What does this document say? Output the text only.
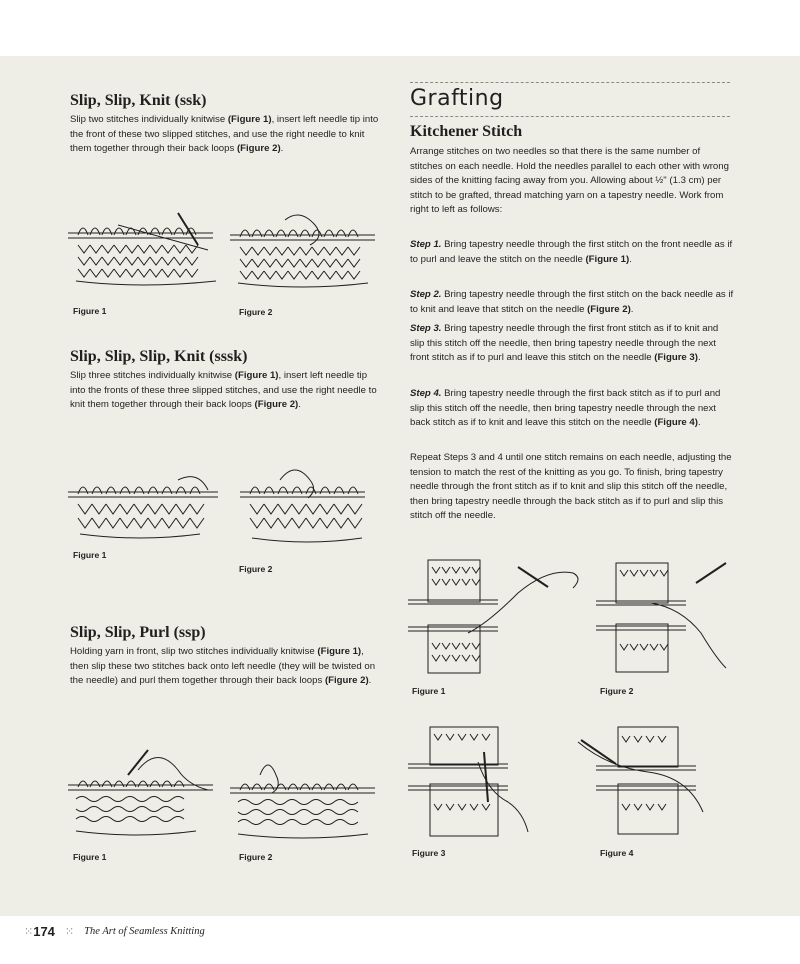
Slip, Slip, Knit (ssk)

Slip two stitches individually knitwise (Figure 1), insert left needle tip into the front of these two slipped stitches, and use the right needle to knit them together through their back loops (Figure 2).

Figure 1	Figure 2
Slip, Slip, Slip, Knit (sssk)

Slip three stitches individually knitwise (Figure 1), insert left needle tip into the fronts of these three slipped stitches, and use the right needle to knit them together through their back loops (Figure 2).

Figure 1
Figure 2
Slip, Slip, Purl (ssp)

Holding yarn in front, slip two stitches individually knitwise (Figure 1), then slip these two stitches back onto left needle (they will be twisted on the needle) and purl them together through their back loops (Figure 2).

Figure 1	Figure 2
Grafting
Kitchener Stitch

Arrange stitches on two needles so that there is the same number of stitches on each needle. Hold the needles parallel to each other with wrong sides of the knitting facing away from you. Allowing about ½" (1.3 cm) per stitch to be grafted, thread matching yarn on a tapestry needle. Work from right to left as follows:

Step 1. Bring tapestry needle through the first stitch on the front needle as if to purl and leave the stitch on the needle (Figure 1).

Step 2. Bring tapestry needle through the first stitch on the back needle as if to knit and leave that stitch on the needle (Figure 2).

Step 3. Bring tapestry needle through the first front stitch as if to knit and slip this stitch off the needle, then bring tapestry needle through the next front stitch as if to purl and leave this stitch on the needle (Figure 3).

Step 4. Bring tapestry needle through the first back stitch as if to purl and slip this stitch off the needle, then bring tapestry needle through the next back stitch as if to knit and leave this stitch on the needle (Figure 4).

Repeat Steps 3 and 4 until one stitch remains on each needle, adjusting the tension to match the rest of the knitting as you go. To finish, bring tapestry needle through the front stitch as if to knit and slip this stitch off the needle, then bring tapestry needle through the back stitch as if to purl and slip this stitch off the needle.

Figure 1	Figure 2
Figure 3	Figure 4
⁙ 174 ⁙ The Art of Seamless Knitting
